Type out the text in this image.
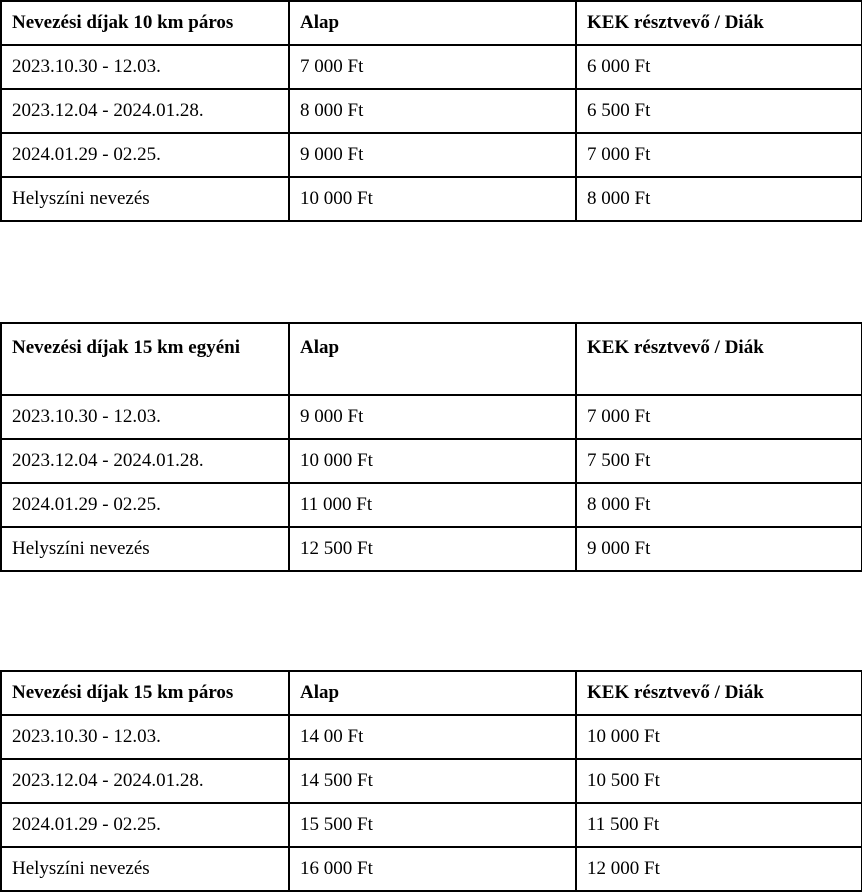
Nevezési díjak 10 km páros	Alap	KEK résztvevő / Diák
2023.10.30 - 12.03.	7 000 Ft	6 000 Ft
2023.12.04 - 2024.01.28.	8 000 Ft	6 500 Ft
2024.01.29 - 02.25.	9 000 Ft	7 000 Ft
Helyszíni nevezés	10 000 Ft	8 000 Ft
Nevezési díjak 15 km egyéni	Alap	KEK résztvevő / Diák
2023.10.30 - 12.03.	9 000 Ft	7 000 Ft
2023.12.04 - 2024.01.28.	10 000 Ft	7 500 Ft
2024.01.29 - 02.25.	11 000 Ft	8 000 Ft
Helyszíni nevezés	12 500 Ft	9 000 Ft
Nevezési díjak 15 km páros	Alap	KEK résztvevő / Diák
2023.10.30 - 12.03.	14 00 Ft	10 000 Ft
2023.12.04 - 2024.01.28.	14 500 Ft	10 500 Ft
2024.01.29 - 02.25.	15 500 Ft	11 500 Ft
Helyszíni nevezés	16 000 Ft	12 000 Ft
